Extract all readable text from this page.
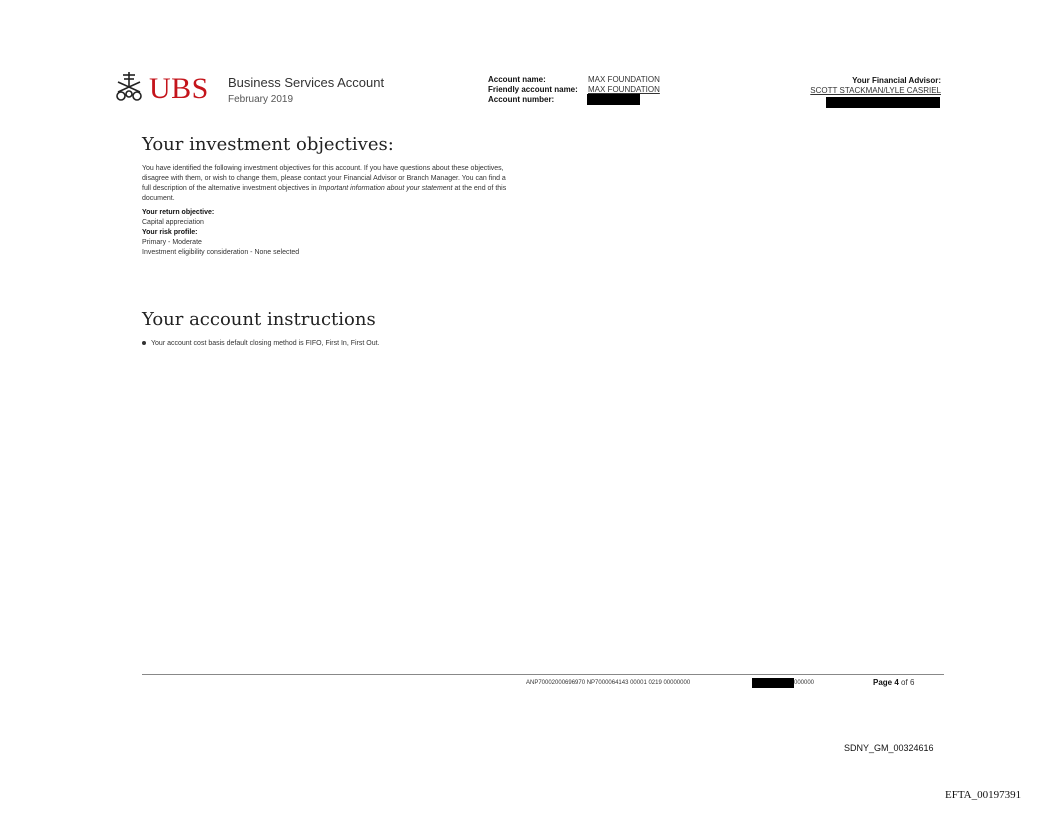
UBS Business Services Account
February 2019
Account name:	MAX FOUNDATION
Friendly account name: MAX FOUNDATION
Account number:
Your Financial Advisor:
SCOTT STACKMAN/LYLE CASRIEL
Your investment objectives:
You have identified the following investment objectives for this account. If you have questions about these objectives, disagree with them, or wish to change them, please contact your Financial Advisor or Branch Manager. You can find a full description of the alternative investment objectives in Important information about your statement at the end of this document.
Your return objective:
Capital appreciation
Your risk profile:
Primary - Moderate
Investment eligibility consideration - None selected
Your account instructions
Your account cost basis default closing method is FIFO, First In, First Out.
ANP70002000696970 NP7000064143 00001 0219 00000000	000000	Page 4 of 6
SDNY_GM_00324616
EFTA_00197391
